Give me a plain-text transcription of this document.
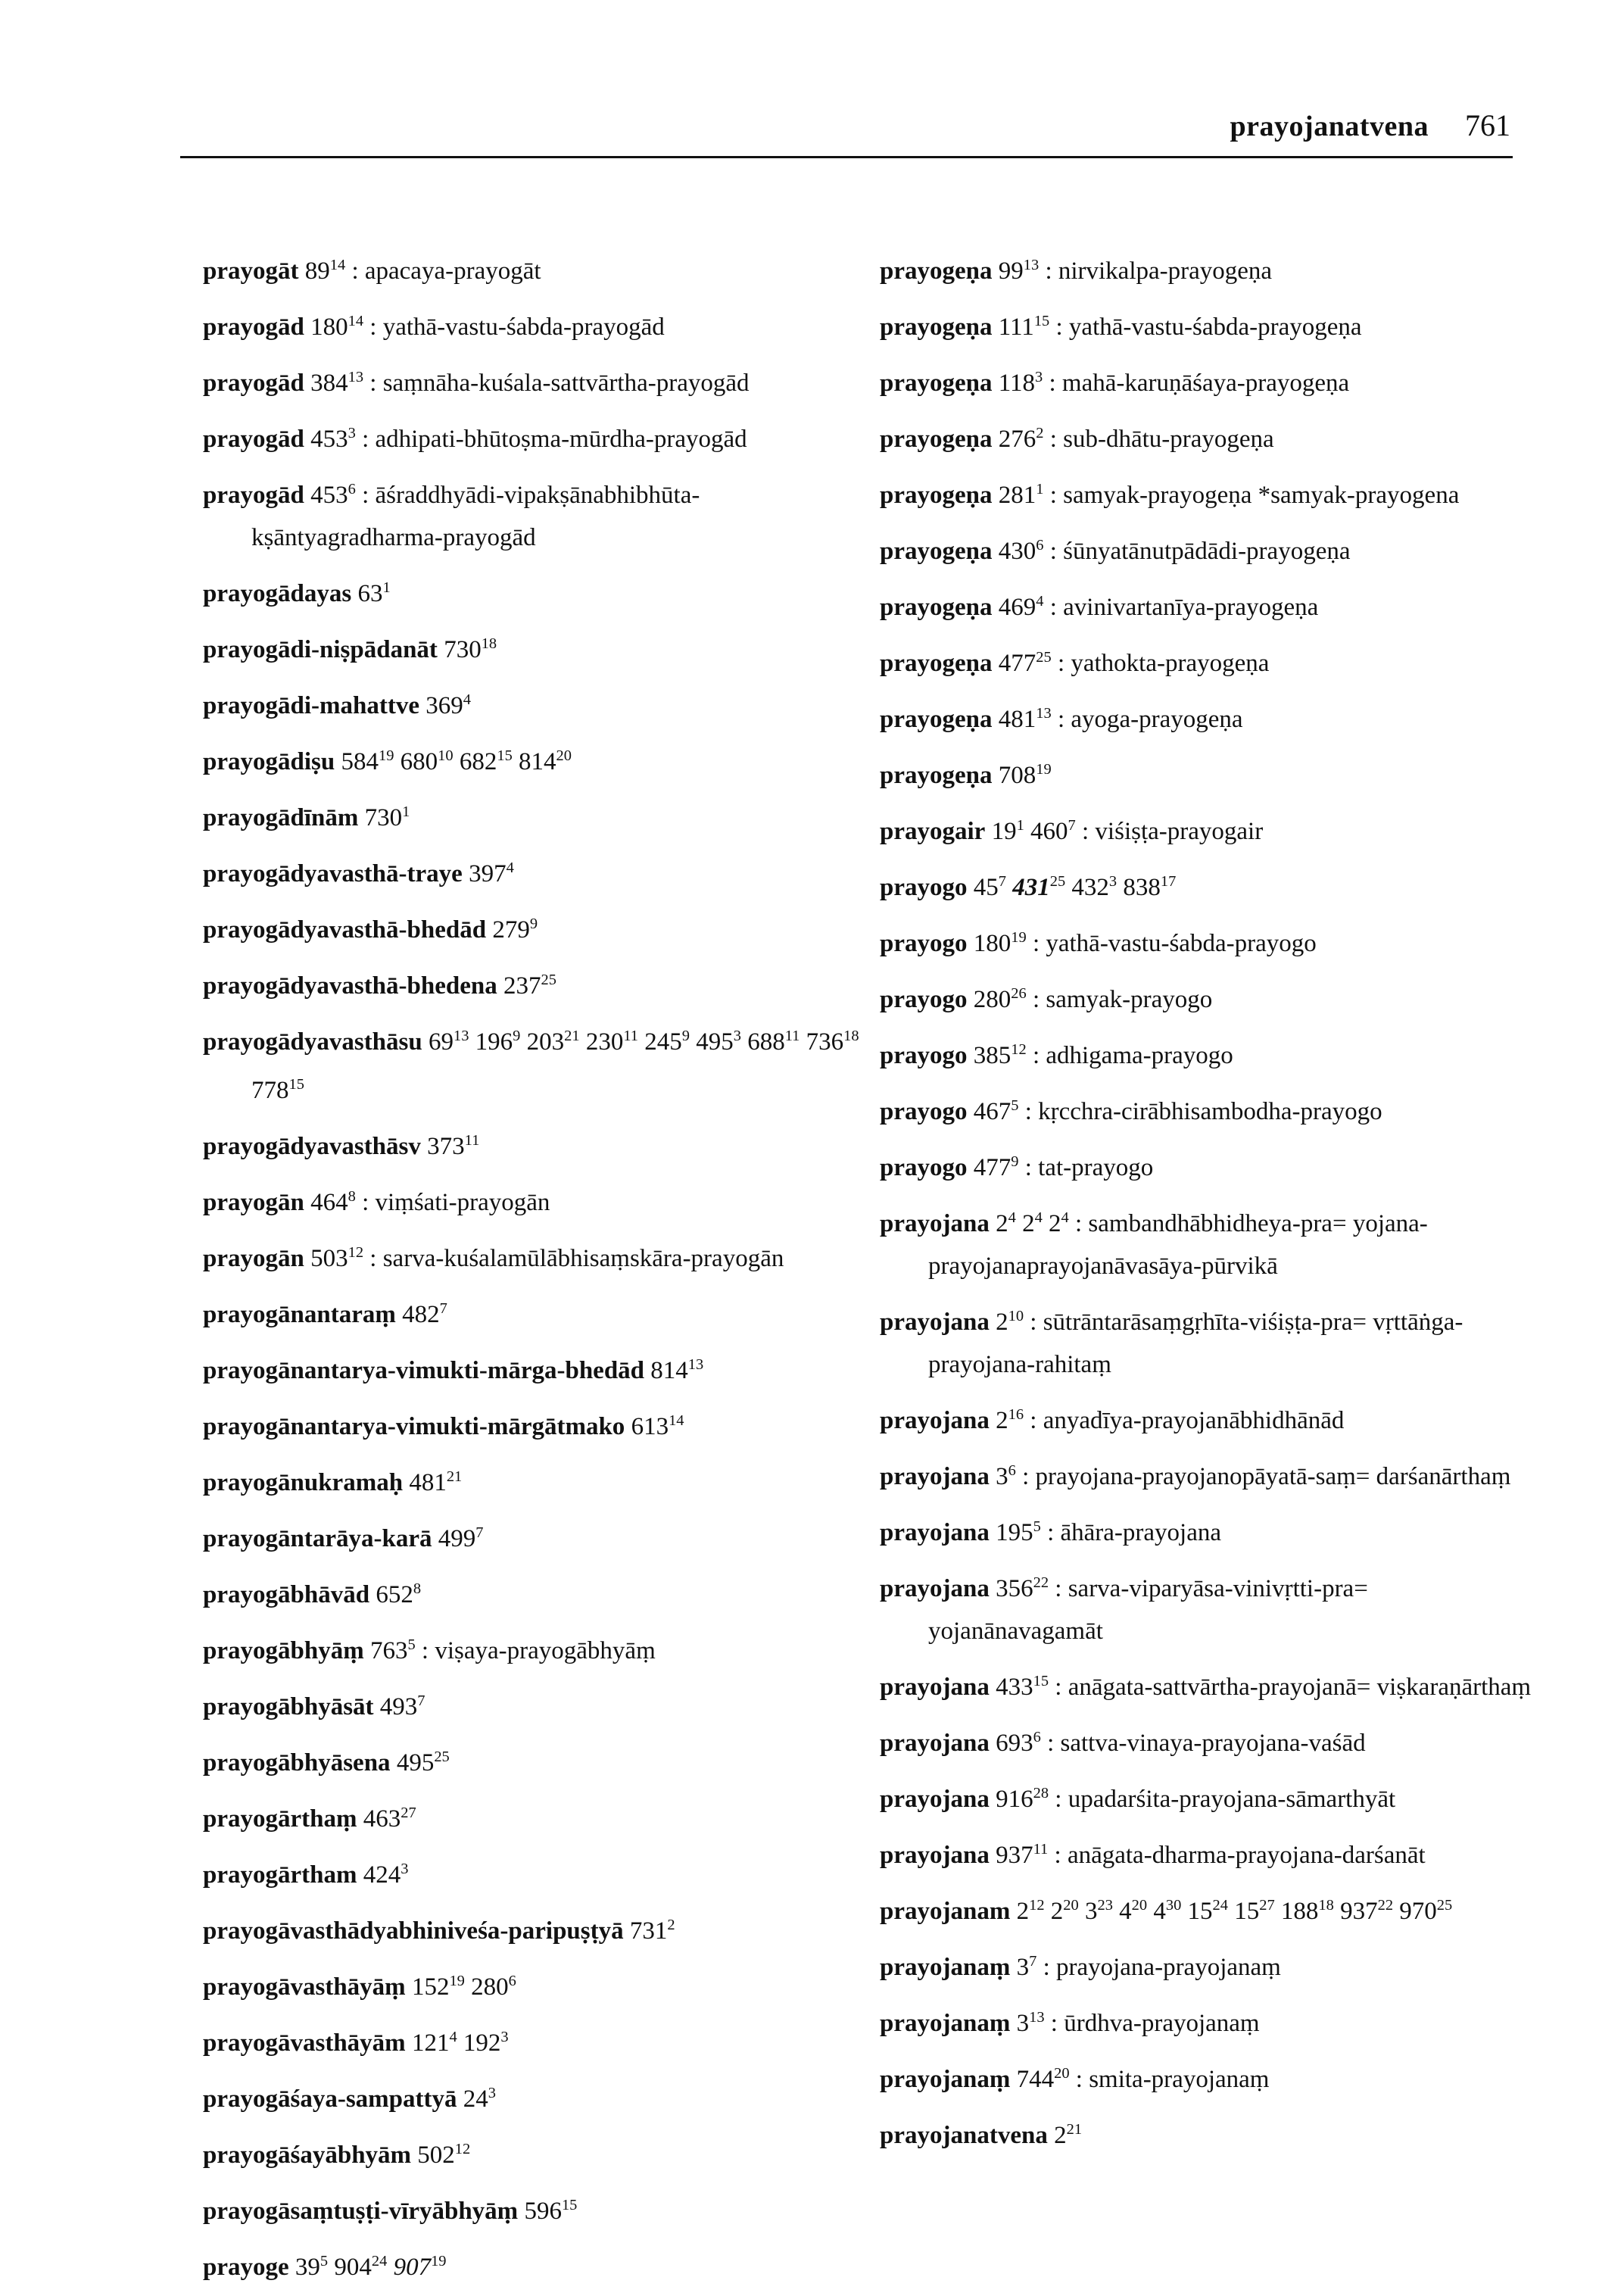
prayojanatvena 761
prayogāt $89^{14}$ : apacaya-prayogāt
prayogād $180^{14}$ : yathā-vastu-śabda-prayogād
prayogād $384^{13}$ : saṃnāha-kuśala-sattvārtha-prayogād
prayogād $453^3$ : adhipati-bhūtoṣma-mūrdha-prayogād
prayogād $453^6$ : āśraddhyādi-vipakṣānabhibhūta-kṣāntyagradharma-prayogād
prayogādayas $63^1$
prayogādi-niṣpādanāt $730^{18}$
prayogādi-mahattve $369^4$
prayogādiṣu $584^{19}$ $680^{10}$ $682^{15}$ $814^{20}$
prayogādīnām $730^1$
prayogādyavasthā-traye $397^4$
prayogādyavasthā-bhedād $279^9$
prayogādyavasthā-bhedena $237^{25}$
prayogādyavasthāsu $69^{13}$ $196^9$ $203^{21}$ $230^{11}$ $245^9$ $495^3$ $688^{11}$ $736^{18}$ $778^{15}$
prayogādyavasthāsv $373^{11}$
prayogān $464^8$ : viṃśati-prayogān
prayogān $503^{12}$ : sarva-kuśalamūlābhisaṃskāra-prayogān
prayogānantaraṃ $482^7$
prayogānantarya-vimukti-mārga-bhedād $814^{13}$
prayogānantarya-vimukti-mārgātmako $613^{14}$
prayogānukramaḥ $481^{21}$
prayogāntarāya-karā $499^7$
prayogābhāvād $652^8$
prayogābhyāṃ $763^5$ : viṣaya-prayogābhyāṃ
prayogābhyāsāt $493^7$
prayogābhyāsena $495^{25}$
prayogārthaṃ $463^{27}$
prayogārtham $424^3$
prayogāvasthādyabhiniveśa-paripuṣṭyā $731^2$
prayogāvasthāyāṃ $152^{19}$ $280^6$
prayogāvasthāyām $121^4$ $192^3$
prayogāśaya-sampattyā $24^3$
prayogāśayābhyām $502^{12}$
prayogāsaṃtuṣṭi-vīryābhyāṃ $596^{15}$
prayoge $39^5$ $904^{24}$ $907^{19}$
prayogeṇa $99^{13}$ : nirvikalpa-prayogeṇa
prayogeṇa $111^{15}$ : yathā-vastu-śabda-prayogeṇa
prayogeṇa $118^3$ : mahā-karuṇāśaya-prayogeṇa
prayogeṇa $276^2$ : sub-dhātu-prayogeṇa
prayogeṇa $281^1$ : samyak-prayogeṇa *samyak-prayogena
prayogeṇa $430^6$ : śūnyatānutpādādi-prayogeṇa
prayogeṇa $469^4$ : avinivartanīya-prayogeṇa
prayogeṇa $477^{25}$ : yathokta-prayogeṇa
prayogeṇa $481^{13}$ : ayoga-prayogeṇa
prayogeṇa $708^{19}$
prayogair $19^1$ $460^7$ : viśiṣṭa-prayogair
prayogo $45^7$ $431^{25}$ $432^3$ $838^{17}$
prayogo $180^{19}$ : yathā-vastu-śabda-prayogo
prayogo $280^{26}$ : samyak-prayogo
prayogo $385^{12}$ : adhigama-prayogo
prayogo $467^5$ : kṛcchra-cirābhisambodha-prayogo
prayogo $477^9$ : tat-prayogo
prayojana $2^4$ $2^4$ $2^4$ : sambandhābhidheya-pra= yojana-prayojanaprayojanāvasāya-pūrvikā
prayojana $2^{10}$ : sūtrāntarāsaṃgṛhīta-viśiṣṭa-pra= vṛttāṅga-prayojana-rahitaṃ
prayojana $2^{16}$ : anyadīya-prayojanābhidhānād
prayojana $3^6$ : prayojana-prayojanopāyatā-saṃ= darśanārthaṃ
prayojana $195^5$ : āhāra-prayojana
prayojana $356^{22}$ : sarva-viparyāsa-vinivṛtti-pra= yojanānavagamāt
prayojana $433^{15}$ : anāgata-sattvārtha-prayojanā= viṣkaraṇārthaṃ
prayojana $693^6$ : sattva-vinaya-prayojana-vaśād
prayojana $916^{28}$ : upadarśita-prayojana-sāmarthyāt
prayojana $937^{11}$ : anāgata-dharma-prayojana-darśanāt
prayojanam $2^{12}$ $2^{20}$ $3^{23}$ $4^{20}$ $4^{30}$ $15^{24}$ $15^{27}$ $188^{18}$ $937^{22}$ $970^{25}$
prayojanaṃ $3^7$ : prayojana-prayojanaṃ
prayojanaṃ $3^{13}$ : ūrdhva-prayojanaṃ
prayojanaṃ $744^{20}$ : smita-prayojanaṃ
prayojanatvena $2^{21}$
